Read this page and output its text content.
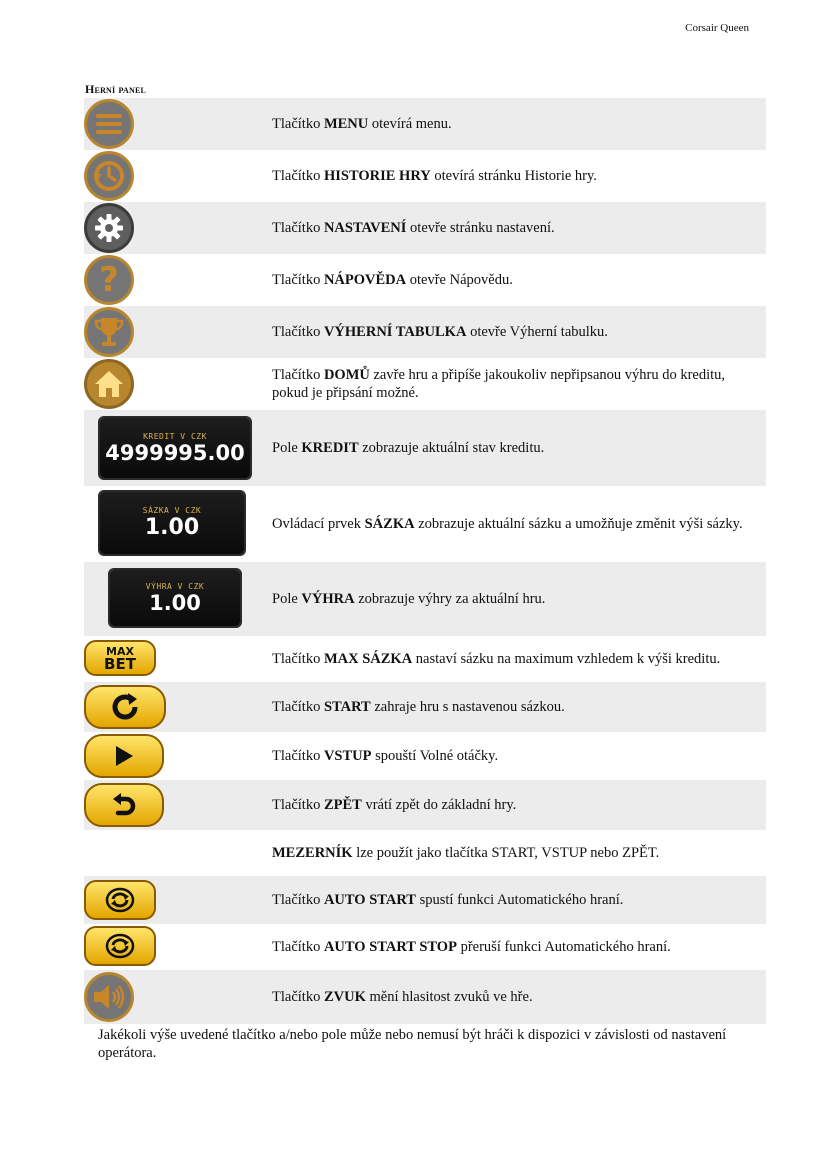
Corsair Queen
Herní panel
Tlačítko MENU otevírá menu.
Tlačítko HISTORIE HRY otevírá stránku Historie hry.
Tlačítko NASTAVENÍ otevře stránku nastavení.
?	Tlačítko NÁPOVĚDA otevře Nápovědu.
Tlačítko VÝHERNÍ TABULKA otevře Výherní tabulku.
Tlačítko DOMŮ zavře hru a připíše jakoukoliv nepřipsanou výhru do kreditu, pokud je připsání možné.
KREDIT V CZK
4999995.00 Pole KREDIT zobrazuje aktuální stav kreditu.
SÁZKA V CZK
1.00	Ovládací prvek SÁZKA zobrazuje aktuální sázku a umožňuje změnit výši sázky.
VÝHRA V CZK
1.00	Pole VÝHRA zobrazuje výhry za aktuální hru.
MAX
BET	Tlačítko MAX SÁZKA nastaví sázku na maximum vzhledem k výši kreditu.
Tlačítko START zahraje hru s nastavenou sázkou.
Tlačítko VSTUP spouští Volné otáčky.
Tlačítko ZPĚT vrátí zpět do základní hry.
MEZERNÍK lze použít jako tlačítka START, VSTUP nebo ZPĚT.
Tlačítko AUTO START spustí funkci Automatického hraní.
Tlačítko AUTO START STOP přeruší funkci Automatického hraní.
Tlačítko ZVUK mění hlasitost zvuků ve hře.
Jakékoli výše uvedené tlačítko a/nebo pole může nebo nemusí být hráči k dispozici v závislosti od nastavení operátora.
